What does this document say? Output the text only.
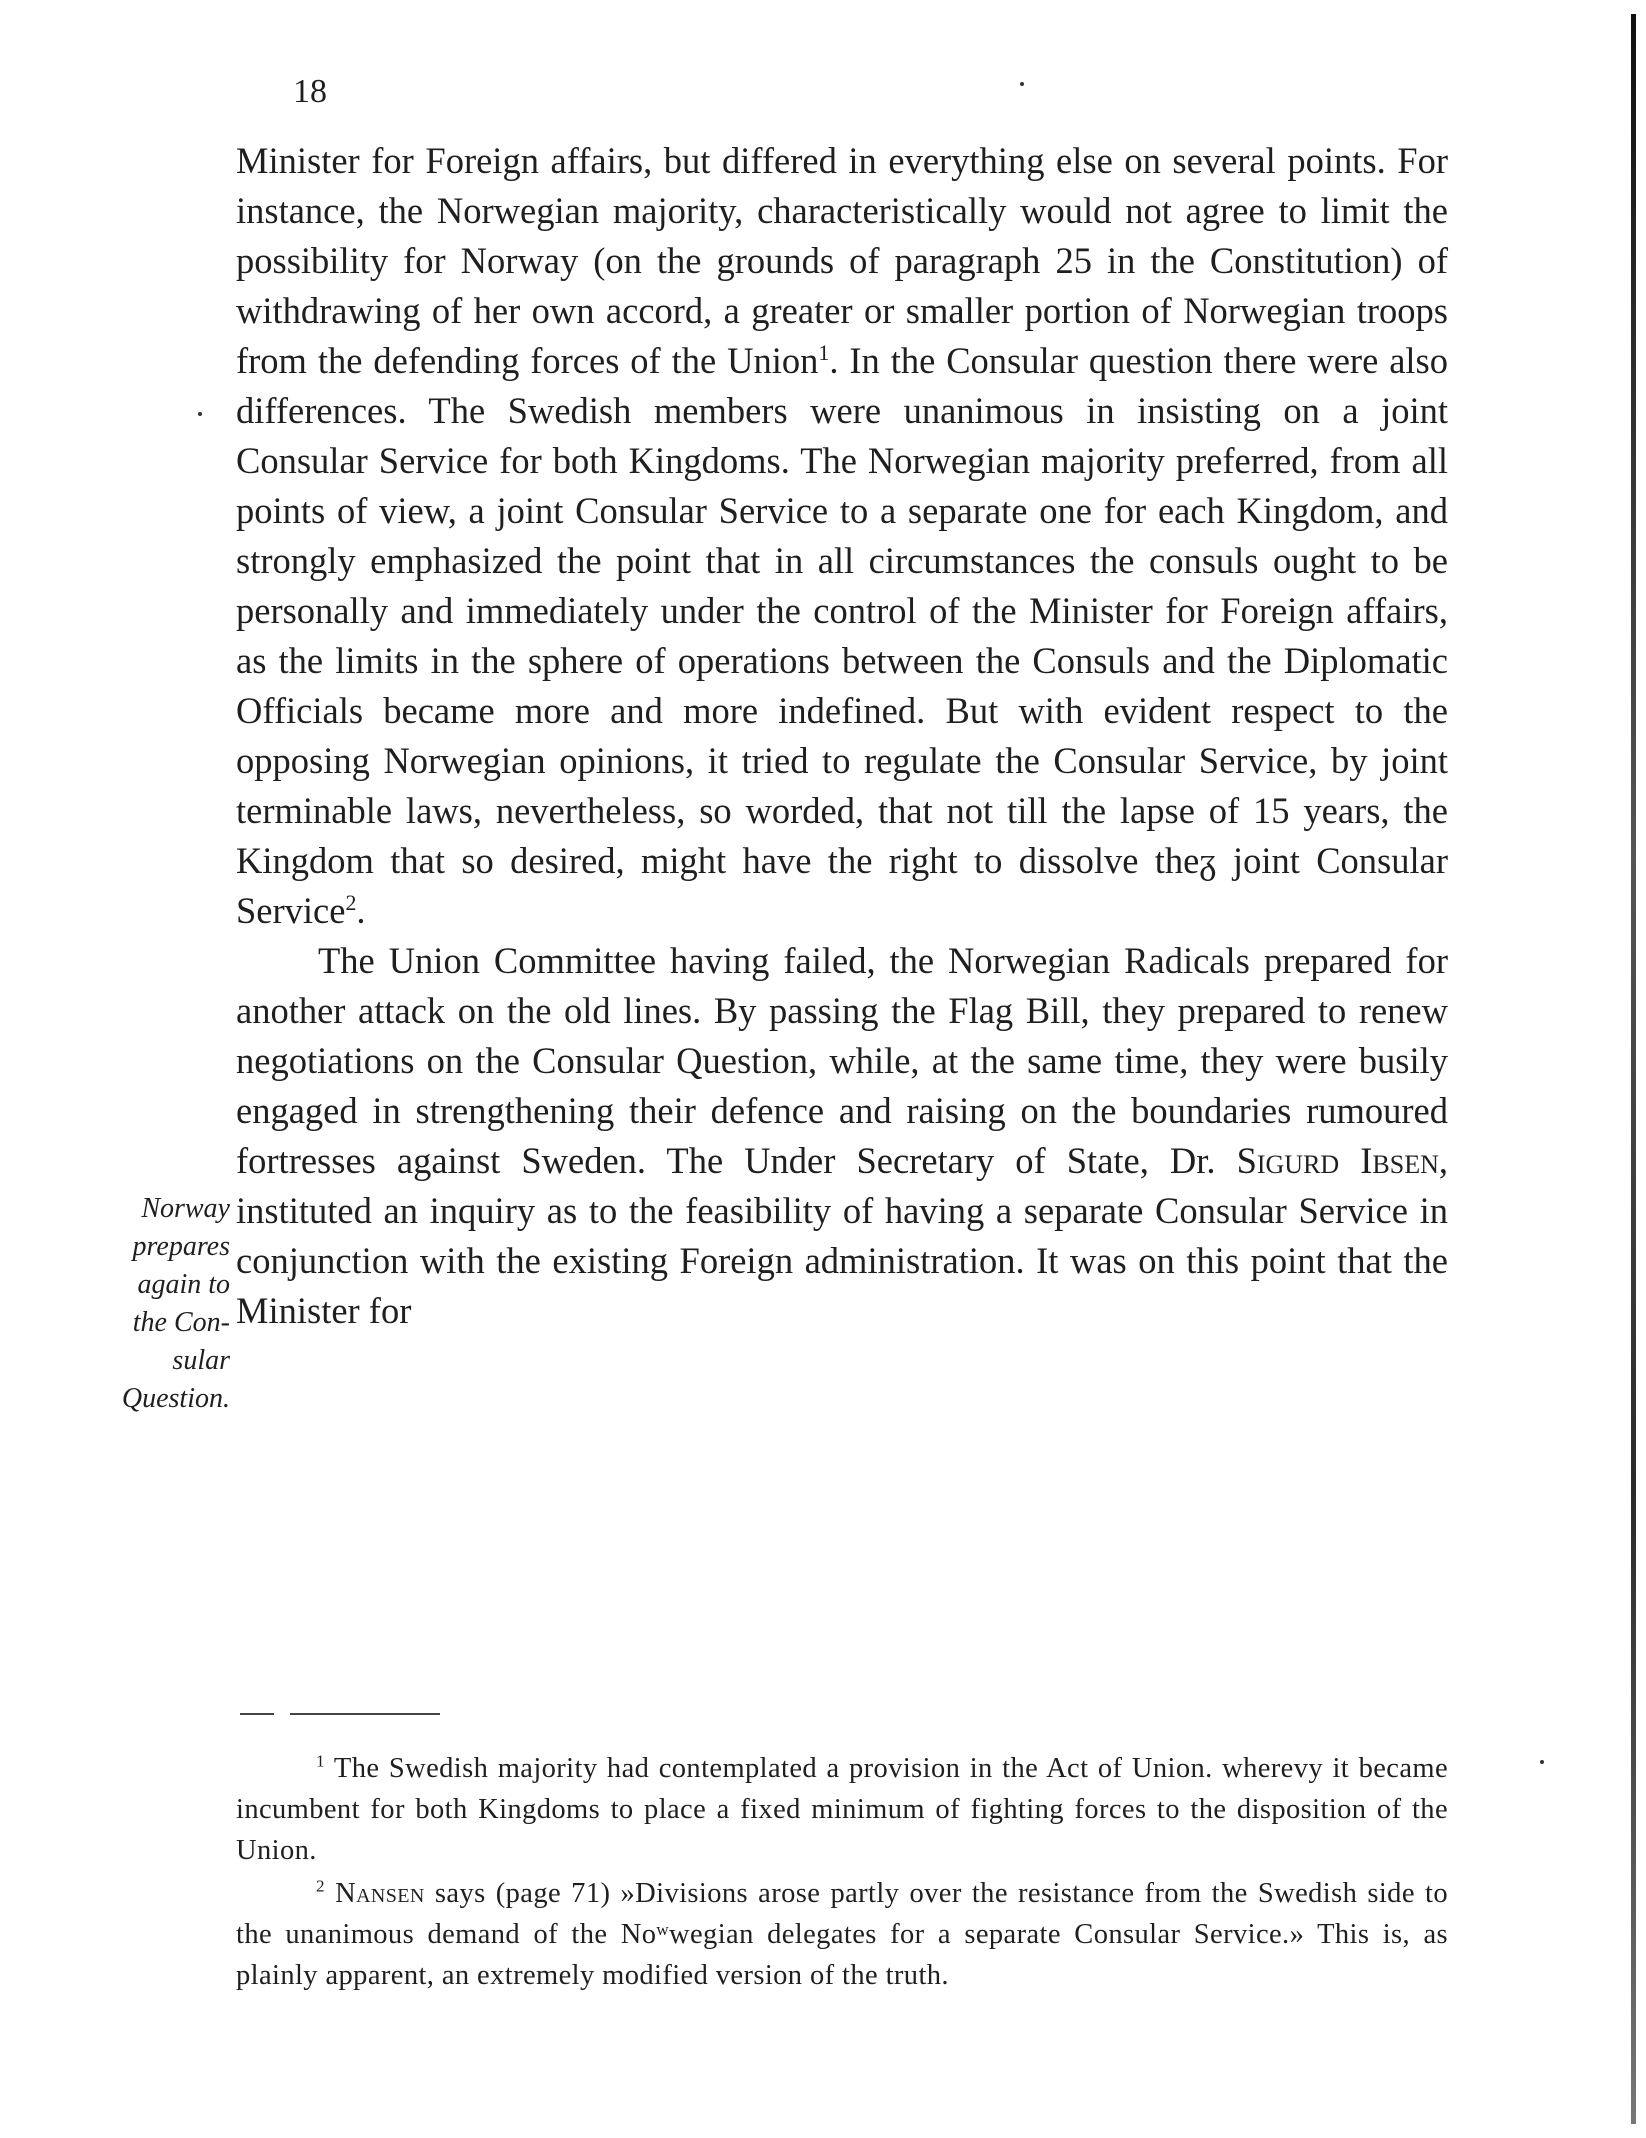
18

Minister for Foreign affairs, but differed in everything else on several points. For instance, the Norwegian majority, characteristically would not agree to limit the possibility for Norway (on the grounds of paragraph 25 in the Constitution) of withdrawing of her own accord, a greater or smaller portion of Norwegian troops from the defending forces of the Union$^1$. In the Consular question there were also differences. The Swedish members were unanimous in insisting on a joint Consular Service for both Kingdoms. The Norwegian majority preferred, from all points of view, a joint Consular Service to a separate one for each Kingdom, and strongly emphasized the point that in all circumstances the consuls ought to be personally and immediately under the control of the Minister for Foreign affairs, as the limits in the sphere of operations between the Consuls and the Diplomatic Officials became more and more indefined. But with evident respect to the opposing Norwegian opinions, it tried to regulate the Consular Service, by joint terminable laws, nevertheless, so worded, that not till the lapse of 15 years, the Kingdom that so desired, might have the right to dissolve theᵹ joint Consular Service$^2$.

The Union Committee having failed, the Norwegian Radicals prepared for another attack on the old lines. By passing the Flag Bill, they prepared to renew negotiations on the Consular Question, while, at the same time, they were busily engaged in strengthening their defence and raising on the boundaries rumoured fortresses against Sweden. The Under Secretary of State, Dr. Sigurd Ibsen, instituted an inquiry as to the feasibility of having a separate Consular Service in conjunction with the existing Foreign administration. It was on this point that the Minister for

Norway
prepares
again to
the Con-
sular
Question.

$^1$ The Swedish majority had contemplated a provision in the Act of Union. wherevy it became incumbent for both Kingdoms to place a fixed minimum of fighting forces to the disposition of the Union.

$^2$ Nansen says (page 71) »Divisions arose partly over the resistance from the Swedish side to the unanimous demand of the Noʷwegian delegates for a separate Consular Service.» This is, as plainly apparent, an extremely modified version of the truth.
